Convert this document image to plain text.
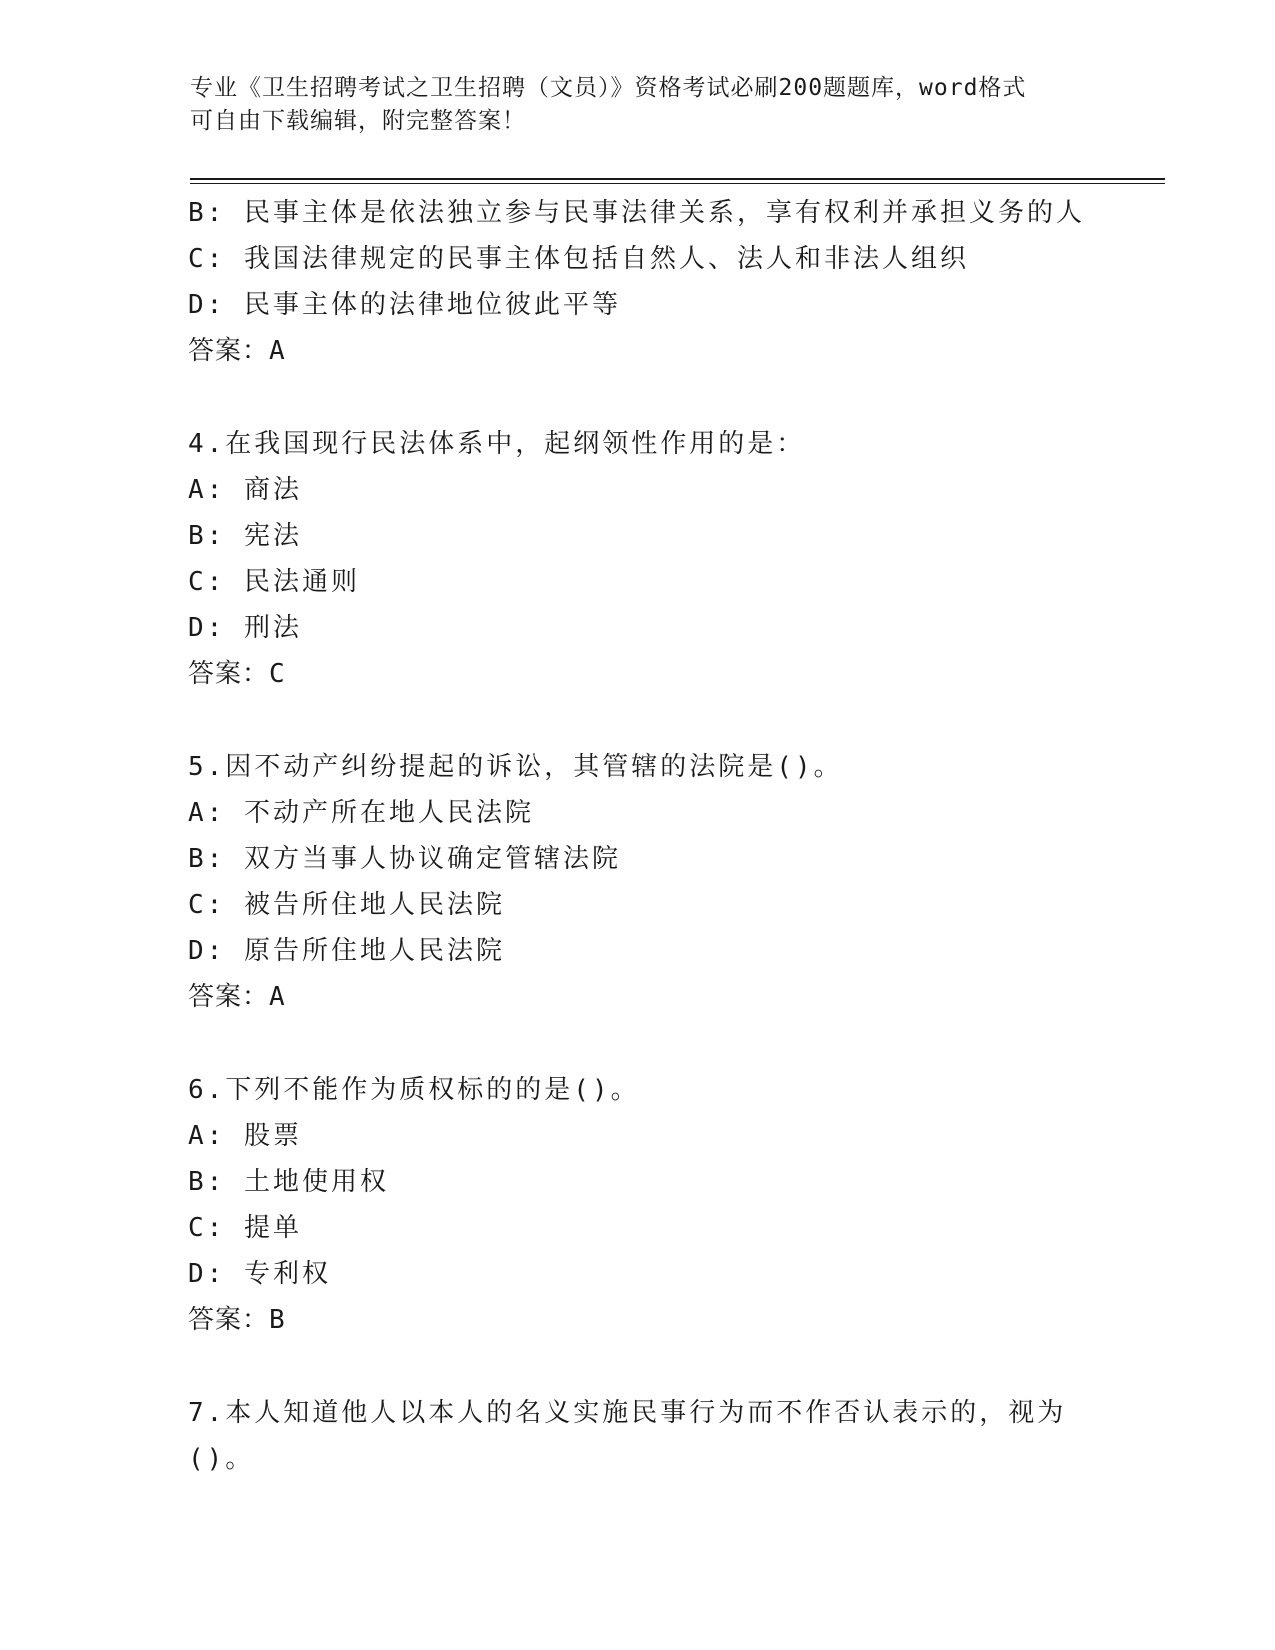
专业《卫生招聘考试之卫生招聘（文员）》资格考试必刷200题题库，word格式
可自由下载编辑，附完整答案！
B: 民事主体是依法独立参与民事法律关系，享有权利并承担义务的人
C: 我国法律规定的民事主体包括自然人、法人和非法人组织
D: 民事主体的法律地位彼此平等
答案：A
4.在我国现行民法体系中，起纲领性作用的是：
A: 商法
B: 宪法
C: 民法通则
D: 刑法
答案：C
5.因不动产纠纷提起的诉讼，其管辖的法院是()。
A: 不动产所在地人民法院
B: 双方当事人协议确定管辖法院
C: 被告所住地人民法院
D: 原告所住地人民法院
答案：A
6.下列不能作为质权标的的是()。
A: 股票
B: 土地使用权
C: 提单
D: 专利权
答案：B
7.本人知道他人以本人的名义实施民事行为而不作否认表示的，视为
()。
